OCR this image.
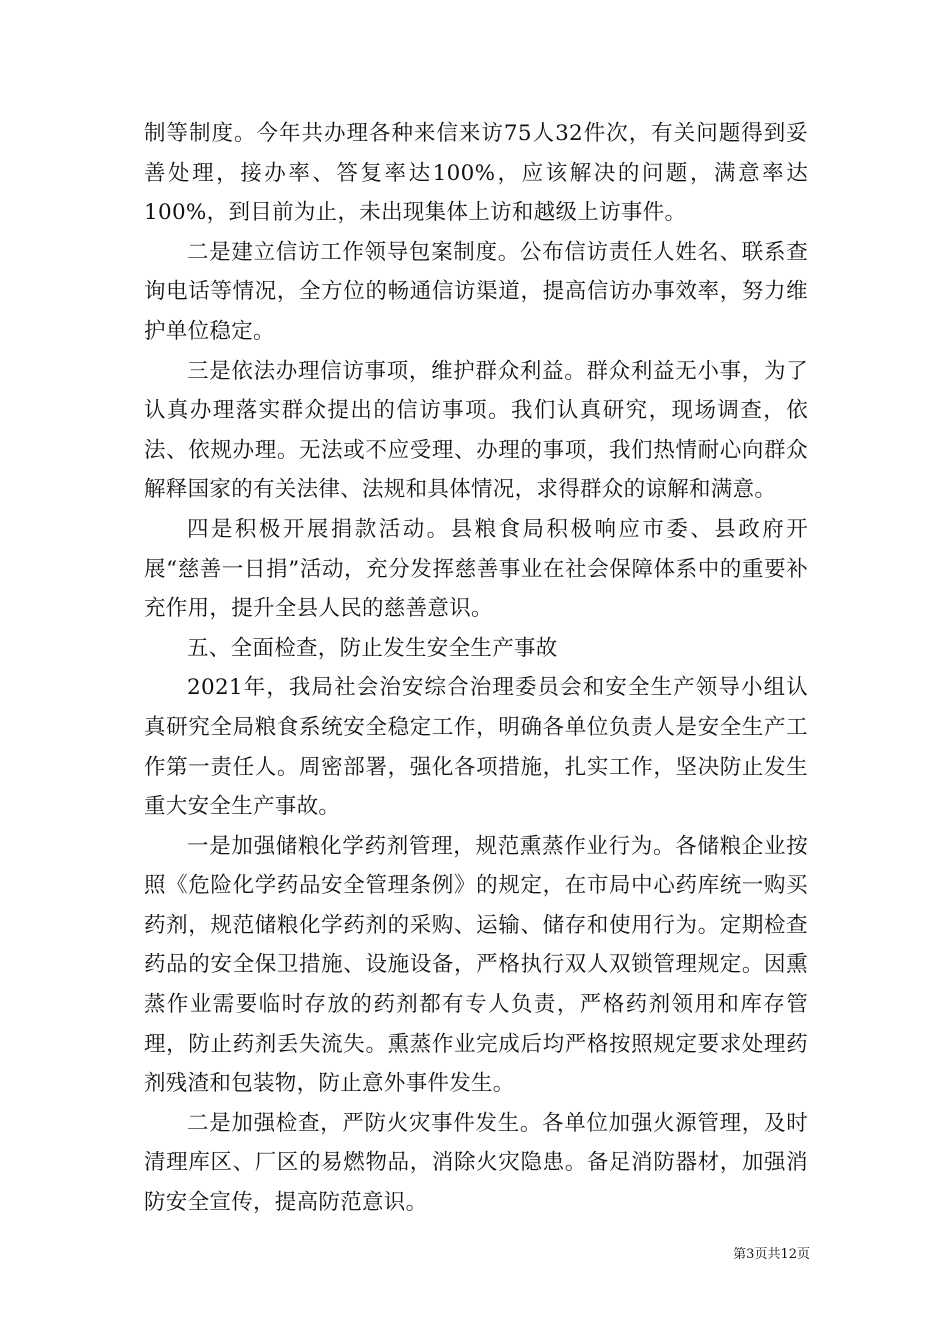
制等制度。今年共办理各种来信来访75人32件次，有关问题得到妥善处理，接办率、答复率达100%，应该解决的问题，满意率达100%，到目前为止，未出现集体上访和越级上访事件。

二是建立信访工作领导包案制度。公布信访责任人姓名、联系查询电话等情况，全方位的畅通信访渠道，提高信访办事效率，努力维护单位稳定。

三是依法办理信访事项，维护群众利益。群众利益无小事，为了认真办理落实群众提出的信访事项。我们认真研究，现场调查，依法、依规办理。无法或不应受理、办理的事项，我们热情耐心向群众解释国家的有关法律、法规和具体情况，求得群众的谅解和满意。

四是积极开展捐款活动。县粮食局积极响应市委、县政府开展“慈善一日捐”活动，充分发挥慈善事业在社会保障体系中的重要补充作用，提升全县人民的慈善意识。

五、全面检查，防止发生安全生产事故

2021年，我局社会治安综合治理委员会和安全生产领导小组认真研究全局粮食系统安全稳定工作，明确各单位负责人是安全生产工作第一责任人。周密部署，强化各项措施，扎实工作，坚决防止发生重大安全生产事故。

一是加强储粮化学药剂管理，规范熏蒸作业行为。各储粮企业按照《危险化学药品安全管理条例》的规定，在市局中心药库统一购买药剂，规范储粮化学药剂的采购、运输、储存和使用行为。定期检查药品的安全保卫措施、设施设备，严格执行双人双锁管理规定。因熏蒸作业需要临时存放的药剂都有专人负责，严格药剂领用和库存管理，防止药剂丢失流失。熏蒸作业完成后均严格按照规定要求处理药剂残渣和包装物，防止意外事件发生。

二是加强检查，严防火灾事件发生。各单位加强火源管理，及时清理库区、厂区的易燃物品，消除火灾隐患。备足消防器材，加强消防安全宣传，提高防范意识。

第3页共12页
